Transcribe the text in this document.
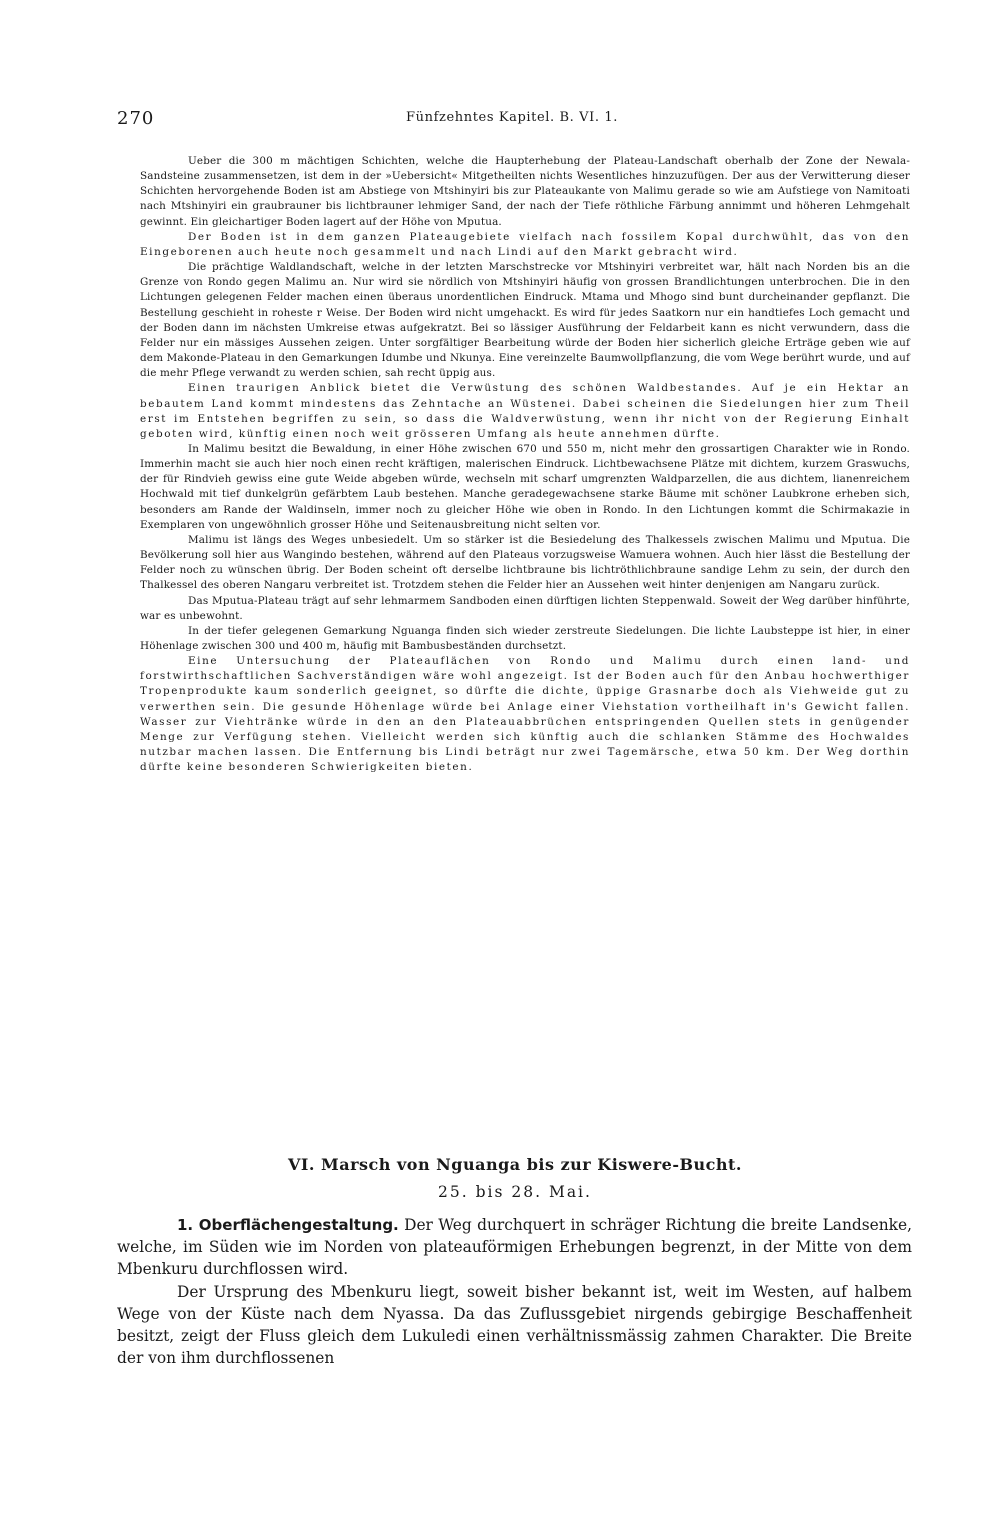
270	Fünfzehntes Kapitel. B. VI. 1.

Ueber die 300 m mächtigen Schichten, welche die Haupterhebung der Plateau-Landschaft oberhalb der Zone der Newala-Sandsteine zusammensetzen, ist dem in der »Uebersicht« Mitgetheilten nichts Wesentliches hinzuzufügen. Der aus der Verwitterung dieser Schichten hervorgehende Boden ist am Abstiege von Mtshinyiri bis zur Plateaukante von Malimu gerade so wie am Aufstiege von Namitoati nach Mtshinyiri ein graubrauner bis lichtbrauner lehmiger Sand, der nach der Tiefe röthliche Färbung annimmt und höheren Lehmgehalt gewinnt. Ein gleichartiger Boden lagert auf der Höhe von Mputua.

Der Boden ist in dem ganzen Plateaugebiete vielfach nach fossilem Kopal durchwühlt, das von den Eingeborenen auch heute noch gesammelt und nach Lindi auf den Markt gebracht wird.

Die prächtige Waldlandschaft, welche in der letzten Marschstrecke vor Mtshinyiri verbreitet war, hält nach Norden bis an die Grenze von Rondo gegen Malimu an. Nur wird sie nördlich von Mtshinyiri häufig von grossen Brandlichtungen unterbrochen. Die in den Lichtungen gelegenen Felder machen einen überaus unordentlichen Eindruck. Mtama und Mhogo sind bunt durcheinander gepflanzt. Die Bestellung geschieht in roheste r Weise. Der Boden wird nicht umgehackt. Es wird für jedes Saatkorn nur ein handtiefes Loch gemacht und der Boden dann im nächsten Umkreise etwas aufgekratzt. Bei so lässiger Ausführung der Feldarbeit kann es nicht verwundern, dass die Felder nur ein mässiges Aussehen zeigen. Unter sorgfältiger Bearbeitung würde der Boden hier sicherlich gleiche Erträge geben wie auf dem Makonde-Plateau in den Gemarkungen Idumbe und Nkunya. Eine vereinzelte Baumwollpflanzung, die vom Wege berührt wurde, und auf die mehr Pflege verwandt zu werden schien, sah recht üppig aus.

Einen traurigen Anblick bietet die Verwüstung des schönen Waldbestandes. Auf je ein Hektar an bebautem Land kommt mindestens das Zehntache an Wüstenei. Dabei scheinen die Siedelungen hier zum Theil erst im Entstehen begriffen zu sein, so dass die Waldverwüstung, wenn ihr nicht von der Regierung Einhalt geboten wird, künftig einen noch weit grösseren Umfang als heute annehmen dürfte.

In Malimu besitzt die Bewaldung, in einer Höhe zwischen 670 und 550 m, nicht mehr den grossartigen Charakter wie in Rondo. Immerhin macht sie auch hier noch einen recht kräftigen, malerischen Eindruck. Lichtbewachsene Plätze mit dichtem, kurzem Graswuchs, der für Rindvieh gewiss eine gute Weide abgeben würde, wechseln mit scharf umgrenzten Waldparzellen, die aus dichtem, lianenreichem Hochwald mit tief dunkelgrün gefärbtem Laub bestehen. Manche geradegewachsene starke Bäume mit schöner Laubkrone erheben sich, besonders am Rande der Waldinseln, immer noch zu gleicher Höhe wie oben in Rondo. In den Lichtungen kommt die Schirmakazie in Exemplaren von ungewöhnlich grosser Höhe und Seitenausbreitung nicht selten vor.

Malimu ist längs des Weges unbesiedelt. Um so stärker ist die Besiedelung des Thalkessels zwischen Malimu und Mputua. Die Bevölkerung soll hier aus Wangindo bestehen, während auf den Plateaus vorzugsweise Wamuera wohnen. Auch hier lässt die Bestellung der Felder noch zu wünschen übrig. Der Boden scheint oft derselbe lichtbraune bis lichtröthlichbraune sandige Lehm zu sein, der durch den Thalkessel des oberen Nangaru verbreitet ist. Trotzdem stehen die Felder hier an Aussehen weit hinter denjenigen am Nangaru zurück.

Das Mputua-Plateau trägt auf sehr lehmarmem Sandboden einen dürftigen lichten Steppenwald. Soweit der Weg darüber hinführte, war es unbewohnt.

In der tiefer gelegenen Gemarkung Nguanga finden sich wieder zerstreute Siedelungen. Die lichte Laubsteppe ist hier, in einer Höhenlage zwischen 300 und 400 m, häufig mit Bambusbeständen durchsetzt.

Eine Untersuchung der Plateauflächen von Rondo und Malimu durch einen land- und forstwirthschaftlichen Sachverständigen wäre wohl angezeigt. Ist der Boden auch für den Anbau hochwerthiger Tropenprodukte kaum sonderlich geeignet, so dürfte die dichte, üppige Grasnarbe doch als Viehweide gut zu verwerthen sein. Die gesunde Höhenlage würde bei Anlage einer Viehstation vortheilhaft in's Gewicht fallen. Wasser zur Viehtränke würde in den an den Plateauabbrüchen entspringenden Quellen stets in genügender Menge zur Verfügung stehen. Vielleicht werden sich künftig auch die schlanken Stämme des Hochwaldes nutzbar machen lassen. Die Entfernung bis Lindi beträgt nur zwei Tagemärsche, etwa 50 km. Der Weg dorthin dürfte keine besonderen Schwierigkeiten bieten.

VI. Marsch von Nguanga bis zur Kiswere-Bucht.
25. bis 28. Mai.

1. Oberflächengestaltung. Der Weg durchquert in schräger Richtung die breite Landsenke, welche, im Süden wie im Norden von plateauförmigen Erhebungen begrenzt, in der Mitte von dem Mbenkuru durchflossen wird.

Der Ursprung des Mbenkuru liegt, soweit bisher bekannt ist, weit im Westen, auf halbem Wege von der Küste nach dem Nyassa. Da das Zuflussgebiet nirgends gebirgige Beschaffenheit besitzt, zeigt der Fluss gleich dem Lukuledi einen verhältnissmässig zahmen Charakter. Die Breite der von ihm durchflossenen
